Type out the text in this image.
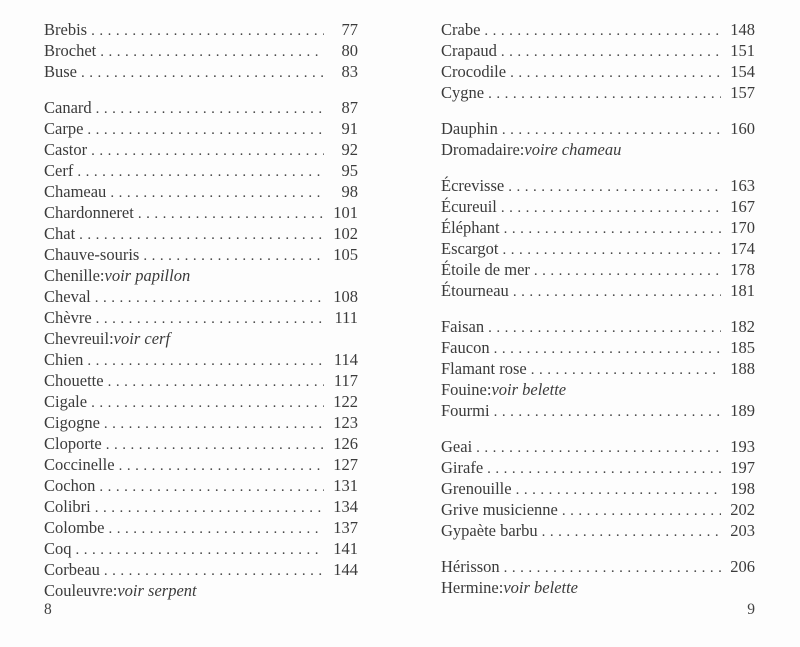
Brebis .....	77
Brochet .....	80
Buse .....	83
Canard .....	87
Carpe .....	91
Castor .....	92
Cerf .....	95
Chameau .....	98
Chardonneret .....	101
Chat .....	102
Chauve-souris .....	105
Chenille : voir papillon
Cheval .....	108
Chèvre .....	111
Chevreuil : voir cerf
Chien .....	114
Chouette .....	117
Cigale .....	122
Cigogne .....	123
Cloporte .....	126
Coccinelle .....	127
Cochon .....	131
Colibri .....	134
Colombe .....	137
Coq .....	141
Corbeau .....	144
Couleuvre : voir serpent
8
Crabe .....	148
Crapaud .....	151
Crocodile .....	154
Cygne .....	157
Dauphin .....	160
Dromadaire : voire chameau
Écrevisse .....	163
Écureuil .....	167
Éléphant .....	170
Escargot .....	174
Étoile de mer .....	178
Étourneau .....	181
Faisan .....	182
Faucon .....	185
Flamant rose .....	188
Fouine : voir belette
Fourmi .....	189
Geai .....	193
Girafe .....	197
Grenouille .....	198
Grive musicienne .....	202
Gypaète barbu .....	203
Hérisson .....	206
Hermine : voir belette
9
